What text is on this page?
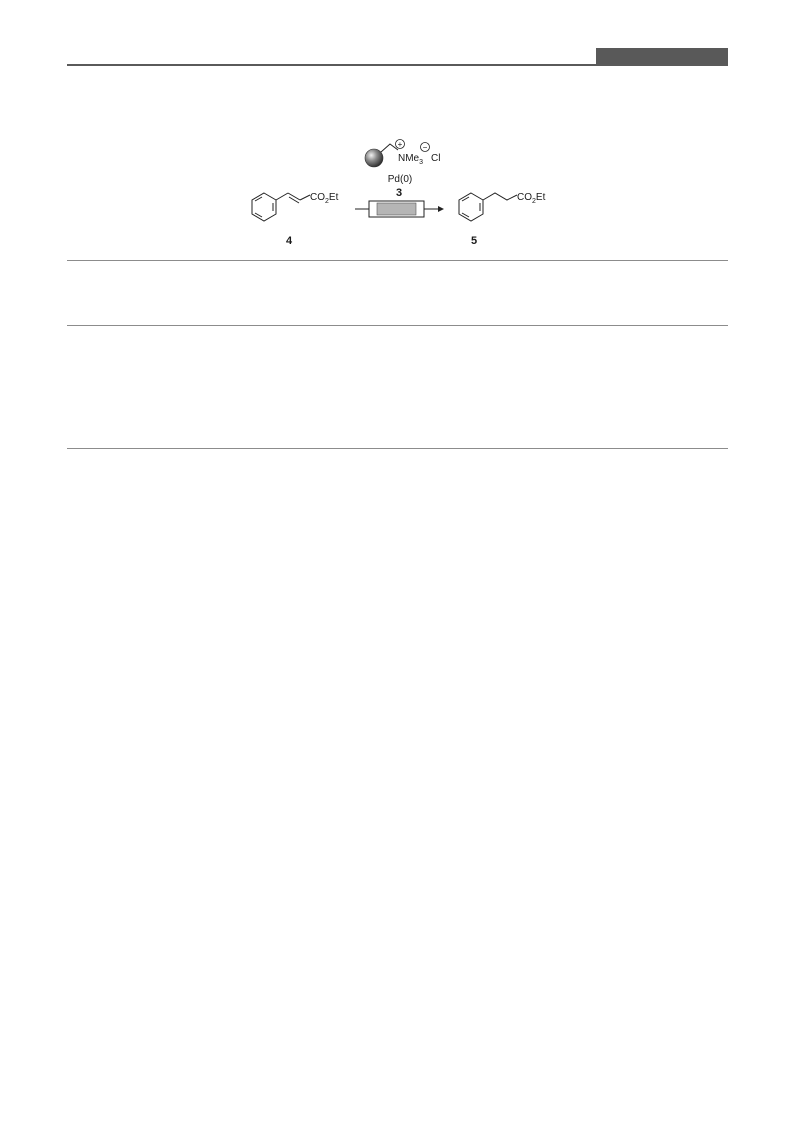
+	−
NMe$_3$ Cl
Pd(0)
3
$CO_2Et$
4
$CO_2Et$
5
